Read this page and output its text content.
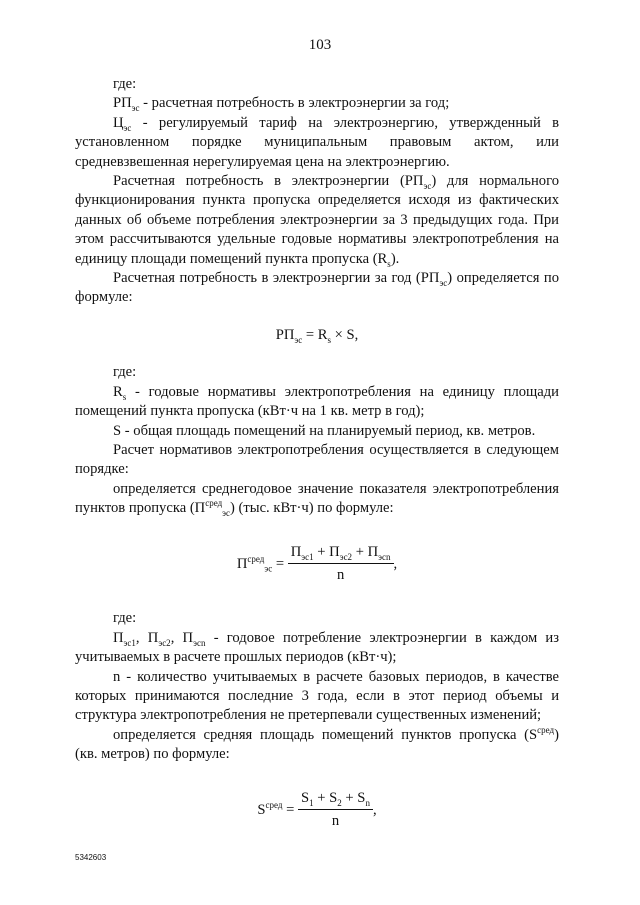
103

где:

$РП_{эс}$ - расчетная потребность в электроэнергии за год;

$Ц_{эс}$ - регулируемый тариф на электроэнергию, утвержденный в установленном порядке муниципальным правовым актом, или средневзвешенная нерегулируемая цена на электроэнергию.

Расчетная потребность в электроэнергии $(РП_{эс})$ для нормального функционирования пункта пропуска определяется исходя из фактических данных об объеме потребления электроэнергии за 3 предыдущих года. При этом рассчитываются удельные годовые нормативы электропотребления на единицу площади помещений пункта пропуска $(R_s)$.

Расчетная потребность в электроэнергии за год $(РП_{эс})$ определяется по формуле:

$РП_{эс} = R_s \times S$,

где:

$R_s$ - годовые нормативы электропотребления на единицу площади помещений пункта пропуска (кВт·ч на 1 кв. метр в год);

S - общая площадь помещений на планируемый период, кв. метров.

Расчет нормативов электропотребления осуществляется в следующем порядке:

определяется среднегодовое значение показателя электропотребления пунктов пропуска $(П^{сред}_{эс})$ (тыс. кВт·ч) по формуле:

$П^{сред}_{эс} = \frac{П_{эс1} + П_{эс2} + П_{эсn}}{n}$ ,

где:

$П_{эс1}$, $П_{эс2}$, $П_{эсn}$ - годовое потребление электроэнергии в каждом из учитываемых в расчете прошлых периодов (кВт·ч);

n - количество учитываемых в расчете базовых периодов, в качестве которых принимаются последние 3 года, если в этот период объемы и структура электропотребления не претерпевали существенных изменений;

определяется средняя площадь помещений пунктов пропуска $(S^{сред})$ (кв. метров) по формуле:

$S^{сред} = \frac{S_1 + S_2 + S_n}{n}$ ,

5342603
